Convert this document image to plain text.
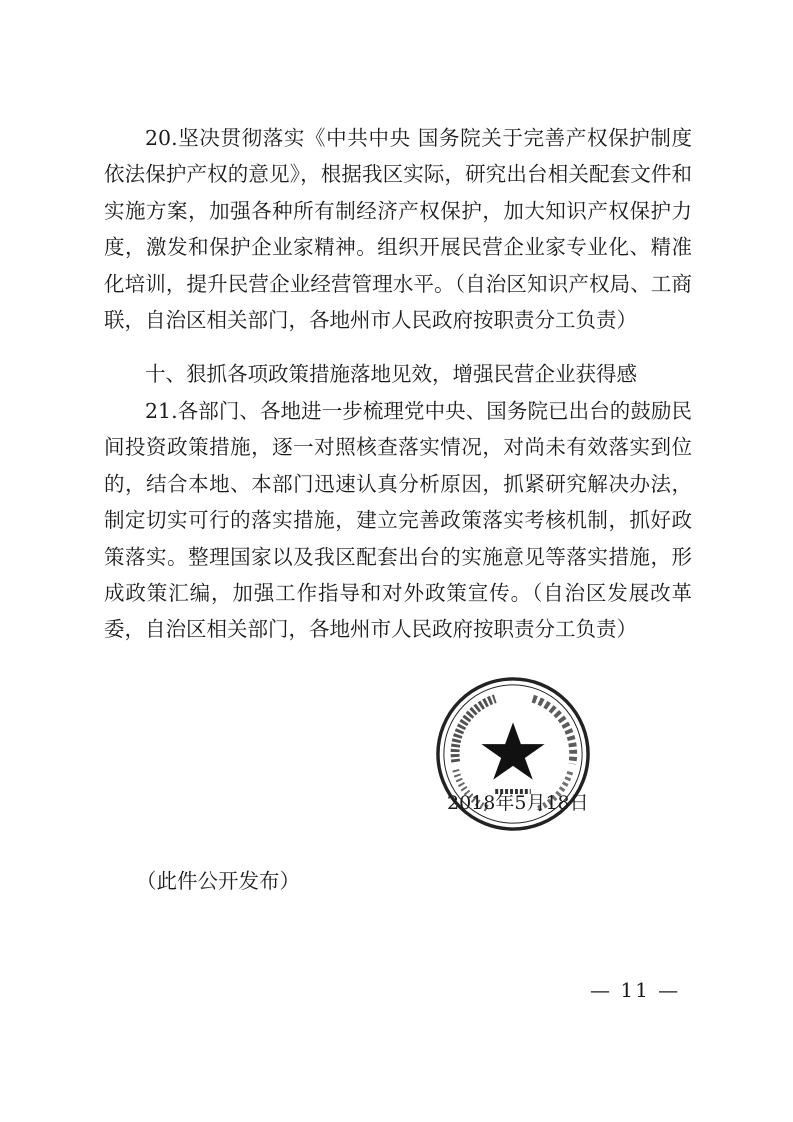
20.坚决贯彻落实《中共中央 国务院关于完善产权保护制度依法保护产权的意见》，根据我区实际，研究出台相关配套文件和实施方案，加强各种所有制经济产权保护，加大知识产权保护力度，激发和保护企业家精神。组织开展民营企业家专业化、精准化培训，提升民营企业经营管理水平。（自治区知识产权局、工商联，自治区相关部门，各地州市人民政府按职责分工负责）

十、狠抓各项政策措施落地见效，增强民营企业获得感

21.各部门、各地进一步梳理党中央、国务院已出台的鼓励民间投资政策措施，逐一对照核查落实情况，对尚未有效落实到位的，结合本地、本部门迅速认真分析原因，抓紧研究解决办法，制定切实可行的落实措施，建立完善政策落实考核机制，抓好政策落实。整理国家以及我区配套出台的实施意见等落实措施，形成政策汇编，加强工作指导和对外政策宣传。（自治区发展改革委，自治区相关部门，各地州市人民政府按职责分工负责）

2018年5月18日
（此件公开发布）
— 11 —
